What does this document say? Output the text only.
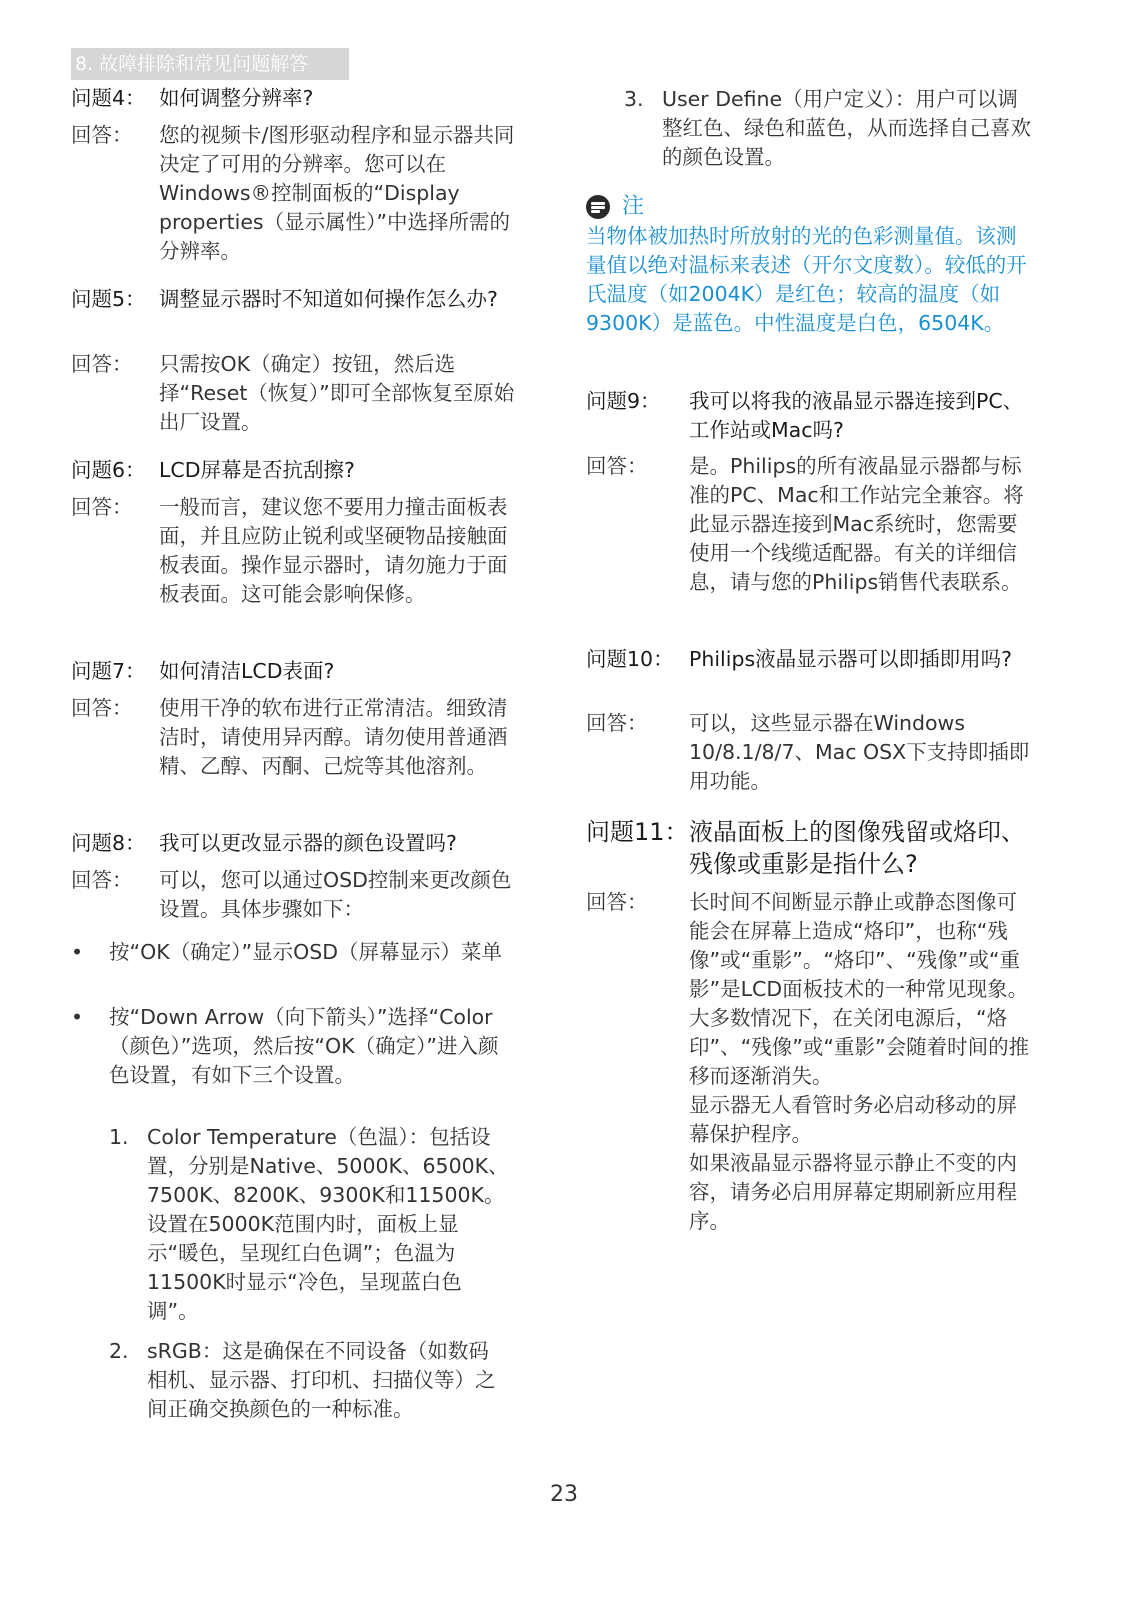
8. 故障排除和常见问题解答
问题4： 如何调整分辨率?
回答：	您的视频卡/图形驱动程序和显示器共同决定了可用的分辨率。您可以在Windows®控制面板的“Display properties（显示属性）”中选择所需的分辨率。
问题5： 调整显示器时不知道如何操作怎么办?
回答：	只需按OK（确定）按钮，然后选择“Reset（恢复）”即可全部恢复至原始出厂设置。
问题6： LCD屏幕是否抗刮擦?
回答：	一般而言，建议您不要用力撞击面板表面，并且应防止锐利或坚硬物品接触面板表面。操作显示器时，请勿施力于面板表面。这可能会影响保修。
问题7： 如何清洁LCD表面?
回答：	使用干净的软布进行正常清洁。细致清洁时，请使用异丙醇。请勿使用普通酒精、乙醇、丙酮、己烷等其他溶剂。
问题8： 我可以更改显示器的颜色设置吗?
回答：	可以，您可以通过OSD控制来更改颜色设置。具体步骤如下：
•	按“OK（确定）”显示OSD（屏幕显示）菜单
•	按“Down Arrow（向下箭头）”选择“Color（颜色）”选项，然后按“OK（确定）”进入颜色设置，有如下三个设置。
1. Color Temperature（色温）：包括设置，分别是Native、5000K、6500K、7500K、8200K、9300K和11500K。设置在5000K范围内时，面板上显示“暖色，呈现红白色调”；色温为11500K时显示“冷色，呈现蓝白色调”。
2. sRGB：这是确保在不同设备（如数码相机、显示器、打印机、扫描仪等）之间正确交换颜色的一种标准。
3. User Define（用户定义）：用户可以调整红色、绿色和蓝色，从而选择自己喜欢的颜色设置。
注
当物体被加热时所放射的光的色彩测量值。该测量值以绝对温标来表述（开尔文度数）。较低的开氏温度（如2004K）是红色；较高的温度（如9300K）是蓝色。中性温度是白色，6504K。
问题9：	我可以将我的液晶显示器连接到PC、工作站或Mac吗?
回答：	是。Philips的所有液晶显示器都与标准的PC、Mac和工作站完全兼容。将此显示器连接到Mac系统时，您需要使用一个线缆适配器。有关的详细信息，请与您的Philips销售代表联系。
问题10： Philips液晶显示器可以即插即用吗?
回答：	可以，这些显示器在Windows 10/8.1/8/7、Mac OSX下支持即插即用功能。
问题11： 液晶面板上的图像残留或烙印、残像或重影是指什么?
回答：	长时间不间断显示静止或静态图像可能会在屏幕上造成“烙印”，也称“残像”或“重影”。“烙印”、“残像”或“重影”是LCD面板技术的一种常见现象。大多数情况下，在关闭电源后，“烙印”、“残像”或“重影”会随着时间的推移而逐渐消失。
显示器无人看管时务必启动移动的屏幕保护程序。
如果液晶显示器将显示静止不变的内容，请务必启用屏幕定期刷新应用程序。
23
